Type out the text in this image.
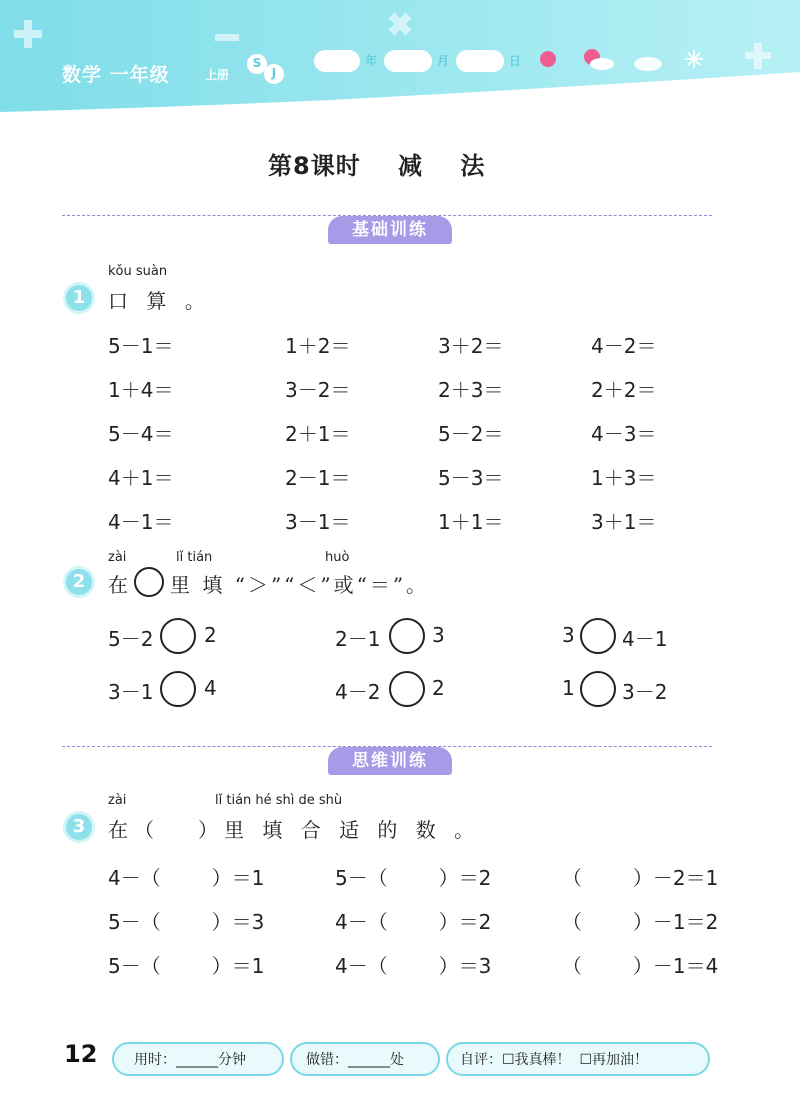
数学 一年级	上册
S
J
年	月	日
第8课时 减    法
基础训练
kǒu suàn
1	口 算 。
5－1＝	1＋2＝	3＋2＝	4－2＝
1＋4＝	3－2＝	2＋3＝	2＋2＝
5－4＝	2＋1＝	5－2＝	4－3＝
4＋1＝	2－1＝	5－3＝	1＋3＝
4－1＝	3－1＝	1＋1＝	3＋1＝
zài	lǐ tián	huò
2	在 里 填 “＞”“＜”或“＝”。
5－2	2	2－1	3	3 4－1
3－1	4	4－2	2	1 3－2
思维训练
zài	lǐ tián hé shì de shù
3	在（ ）里 填 合 适 的 数 。
4－（        ）＝1	5－（        ）＝2	（        ）－2＝1
5－（        ）＝3	4－（        ）＝2	（        ）－1＝2
5－（        ）＝1	4－（        ）＝3	（        ）－1＝4
12	用时：______分钟	做错：______处	自评：☐我真棒！  ☐再加油！
